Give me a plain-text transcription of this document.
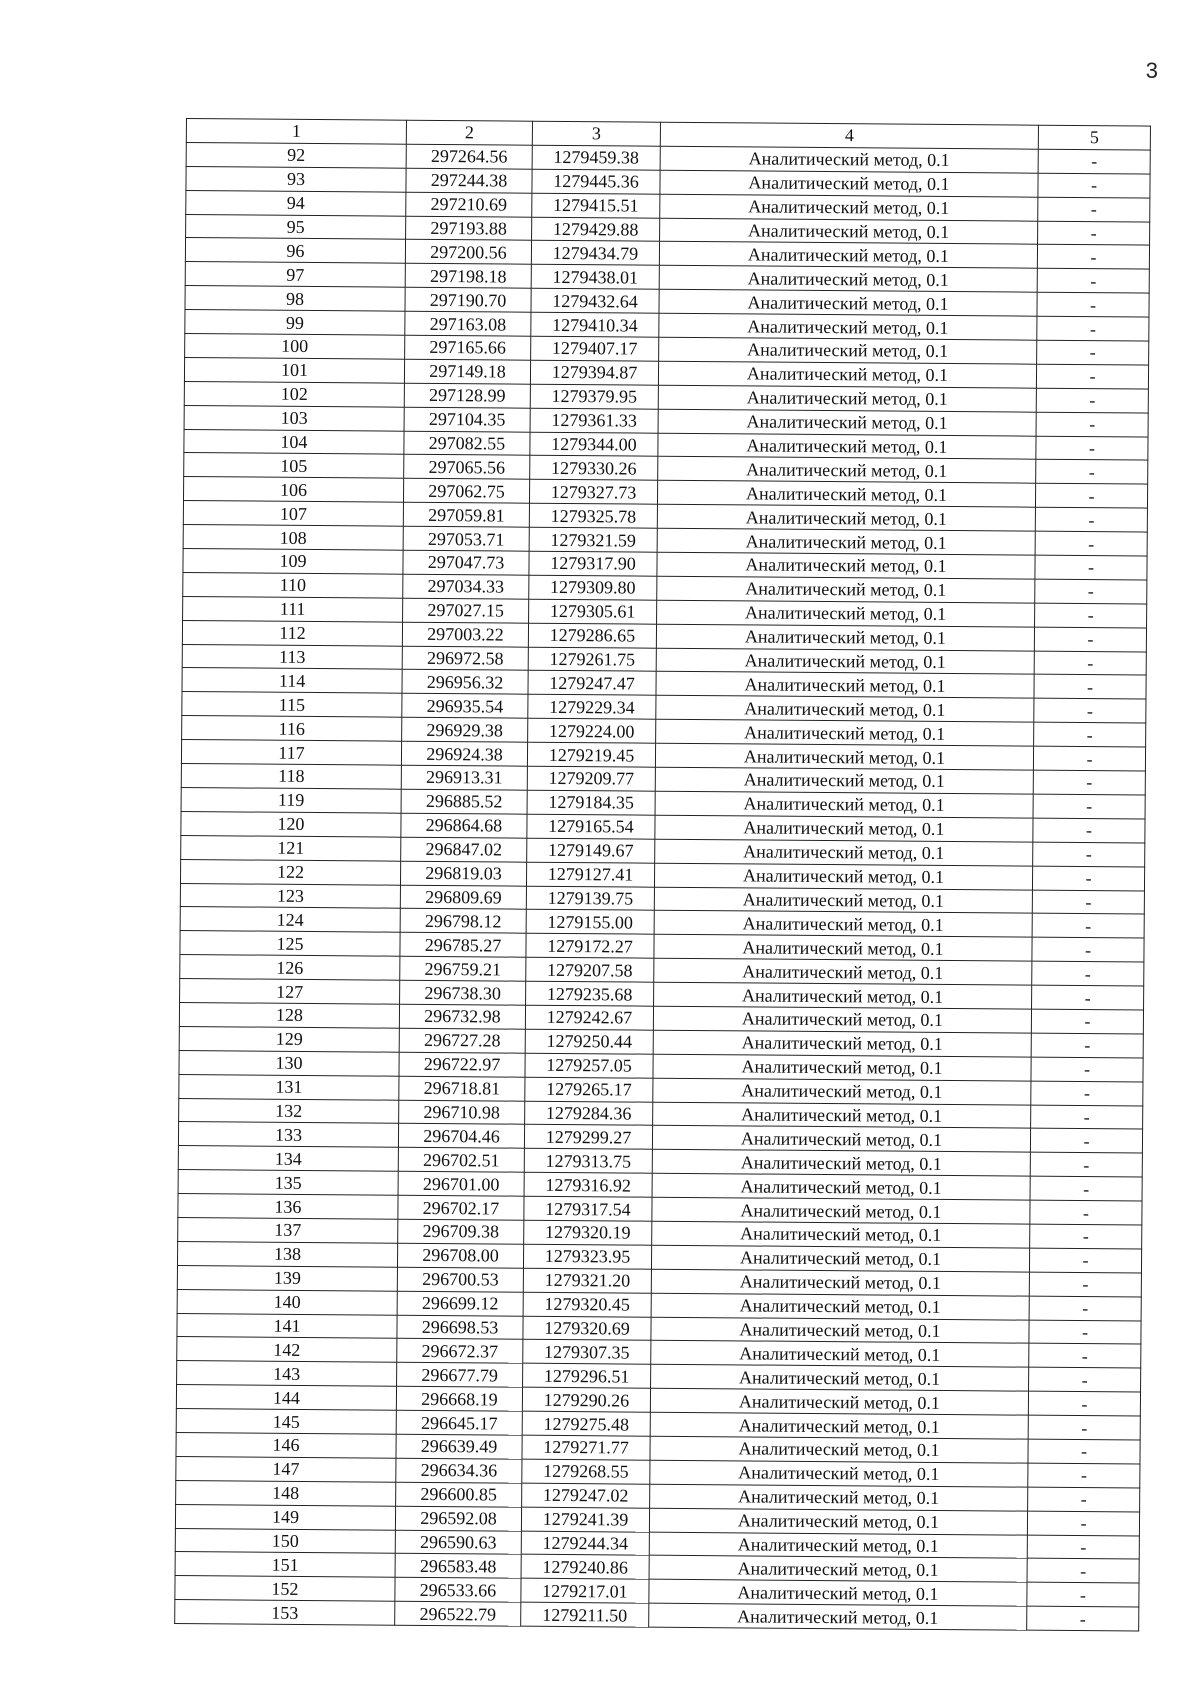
3
1	2	3	4	5
92	297264.56	1279459.38	Аналитический метод, 0.1	-
93	297244.38	1279445.36	Аналитический метод, 0.1	-
94	297210.69	1279415.51	Аналитический метод, 0.1	-
95	297193.88	1279429.88	Аналитический метод, 0.1	-
96	297200.56	1279434.79	Аналитический метод, 0.1	-
97	297198.18	1279438.01	Аналитический метод, 0.1	-
98	297190.70	1279432.64	Аналитический метод, 0.1	-
99	297163.08	1279410.34	Аналитический метод, 0.1	-
100	297165.66	1279407.17	Аналитический метод, 0.1	-
101	297149.18	1279394.87	Аналитический метод, 0.1	-
102	297128.99	1279379.95	Аналитический метод, 0.1	-
103	297104.35	1279361.33	Аналитический метод, 0.1	-
104	297082.55	1279344.00	Аналитический метод, 0.1	-
105	297065.56	1279330.26	Аналитический метод, 0.1	-
106	297062.75	1279327.73	Аналитический метод, 0.1	-
107	297059.81	1279325.78	Аналитический метод, 0.1	-
108	297053.71	1279321.59	Аналитический метод, 0.1	-
109	297047.73	1279317.90	Аналитический метод, 0.1	-
110	297034.33	1279309.80	Аналитический метод, 0.1	-
111	297027.15	1279305.61	Аналитический метод, 0.1	-
112	297003.22	1279286.65	Аналитический метод, 0.1	-
113	296972.58	1279261.75	Аналитический метод, 0.1	-
114	296956.32	1279247.47	Аналитический метод, 0.1	-
115	296935.54	1279229.34	Аналитический метод, 0.1	-
116	296929.38	1279224.00	Аналитический метод, 0.1	-
117	296924.38	1279219.45	Аналитический метод, 0.1	-
118	296913.31	1279209.77	Аналитический метод, 0.1	-
119	296885.52	1279184.35	Аналитический метод, 0.1	-
120	296864.68	1279165.54	Аналитический метод, 0.1	-
121	296847.02	1279149.67	Аналитический метод, 0.1	-
122	296819.03	1279127.41	Аналитический метод, 0.1	-
123	296809.69	1279139.75	Аналитический метод, 0.1	-
124	296798.12	1279155.00	Аналитический метод, 0.1	-
125	296785.27	1279172.27	Аналитический метод, 0.1	-
126	296759.21	1279207.58	Аналитический метод, 0.1	-
127	296738.30	1279235.68	Аналитический метод, 0.1	-
128	296732.98	1279242.67	Аналитический метод, 0.1	-
129	296727.28	1279250.44	Аналитический метод, 0.1	-
130	296722.97	1279257.05	Аналитический метод, 0.1	-
131	296718.81	1279265.17	Аналитический метод, 0.1	-
132	296710.98	1279284.36	Аналитический метод, 0.1	-
133	296704.46	1279299.27	Аналитический метод, 0.1	-
134	296702.51	1279313.75	Аналитический метод, 0.1	-
135	296701.00	1279316.92	Аналитический метод, 0.1	-
136	296702.17	1279317.54	Аналитический метод, 0.1	-
137	296709.38	1279320.19	Аналитический метод, 0.1	-
138	296708.00	1279323.95	Аналитический метод, 0.1	-
139	296700.53	1279321.20	Аналитический метод, 0.1	-
140	296699.12	1279320.45	Аналитический метод, 0.1	-
141	296698.53	1279320.69	Аналитический метод, 0.1	-
142	296672.37	1279307.35	Аналитический метод, 0.1	-
143	296677.79	1279296.51	Аналитический метод, 0.1	-
144	296668.19	1279290.26	Аналитический метод, 0.1	-
145	296645.17	1279275.48	Аналитический метод, 0.1	-
146	296639.49	1279271.77	Аналитический метод, 0.1	-
147	296634.36	1279268.55	Аналитический метод, 0.1	-
148	296600.85	1279247.02	Аналитический метод, 0.1	-
149	296592.08	1279241.39	Аналитический метод, 0.1	-
150	296590.63	1279244.34	Аналитический метод, 0.1	-
151	296583.48	1279240.86	Аналитический метод, 0.1	-
152	296533.66	1279217.01	Аналитический метод, 0.1	-
153	296522.79	1279211.50	Аналитический метод, 0.1	-
